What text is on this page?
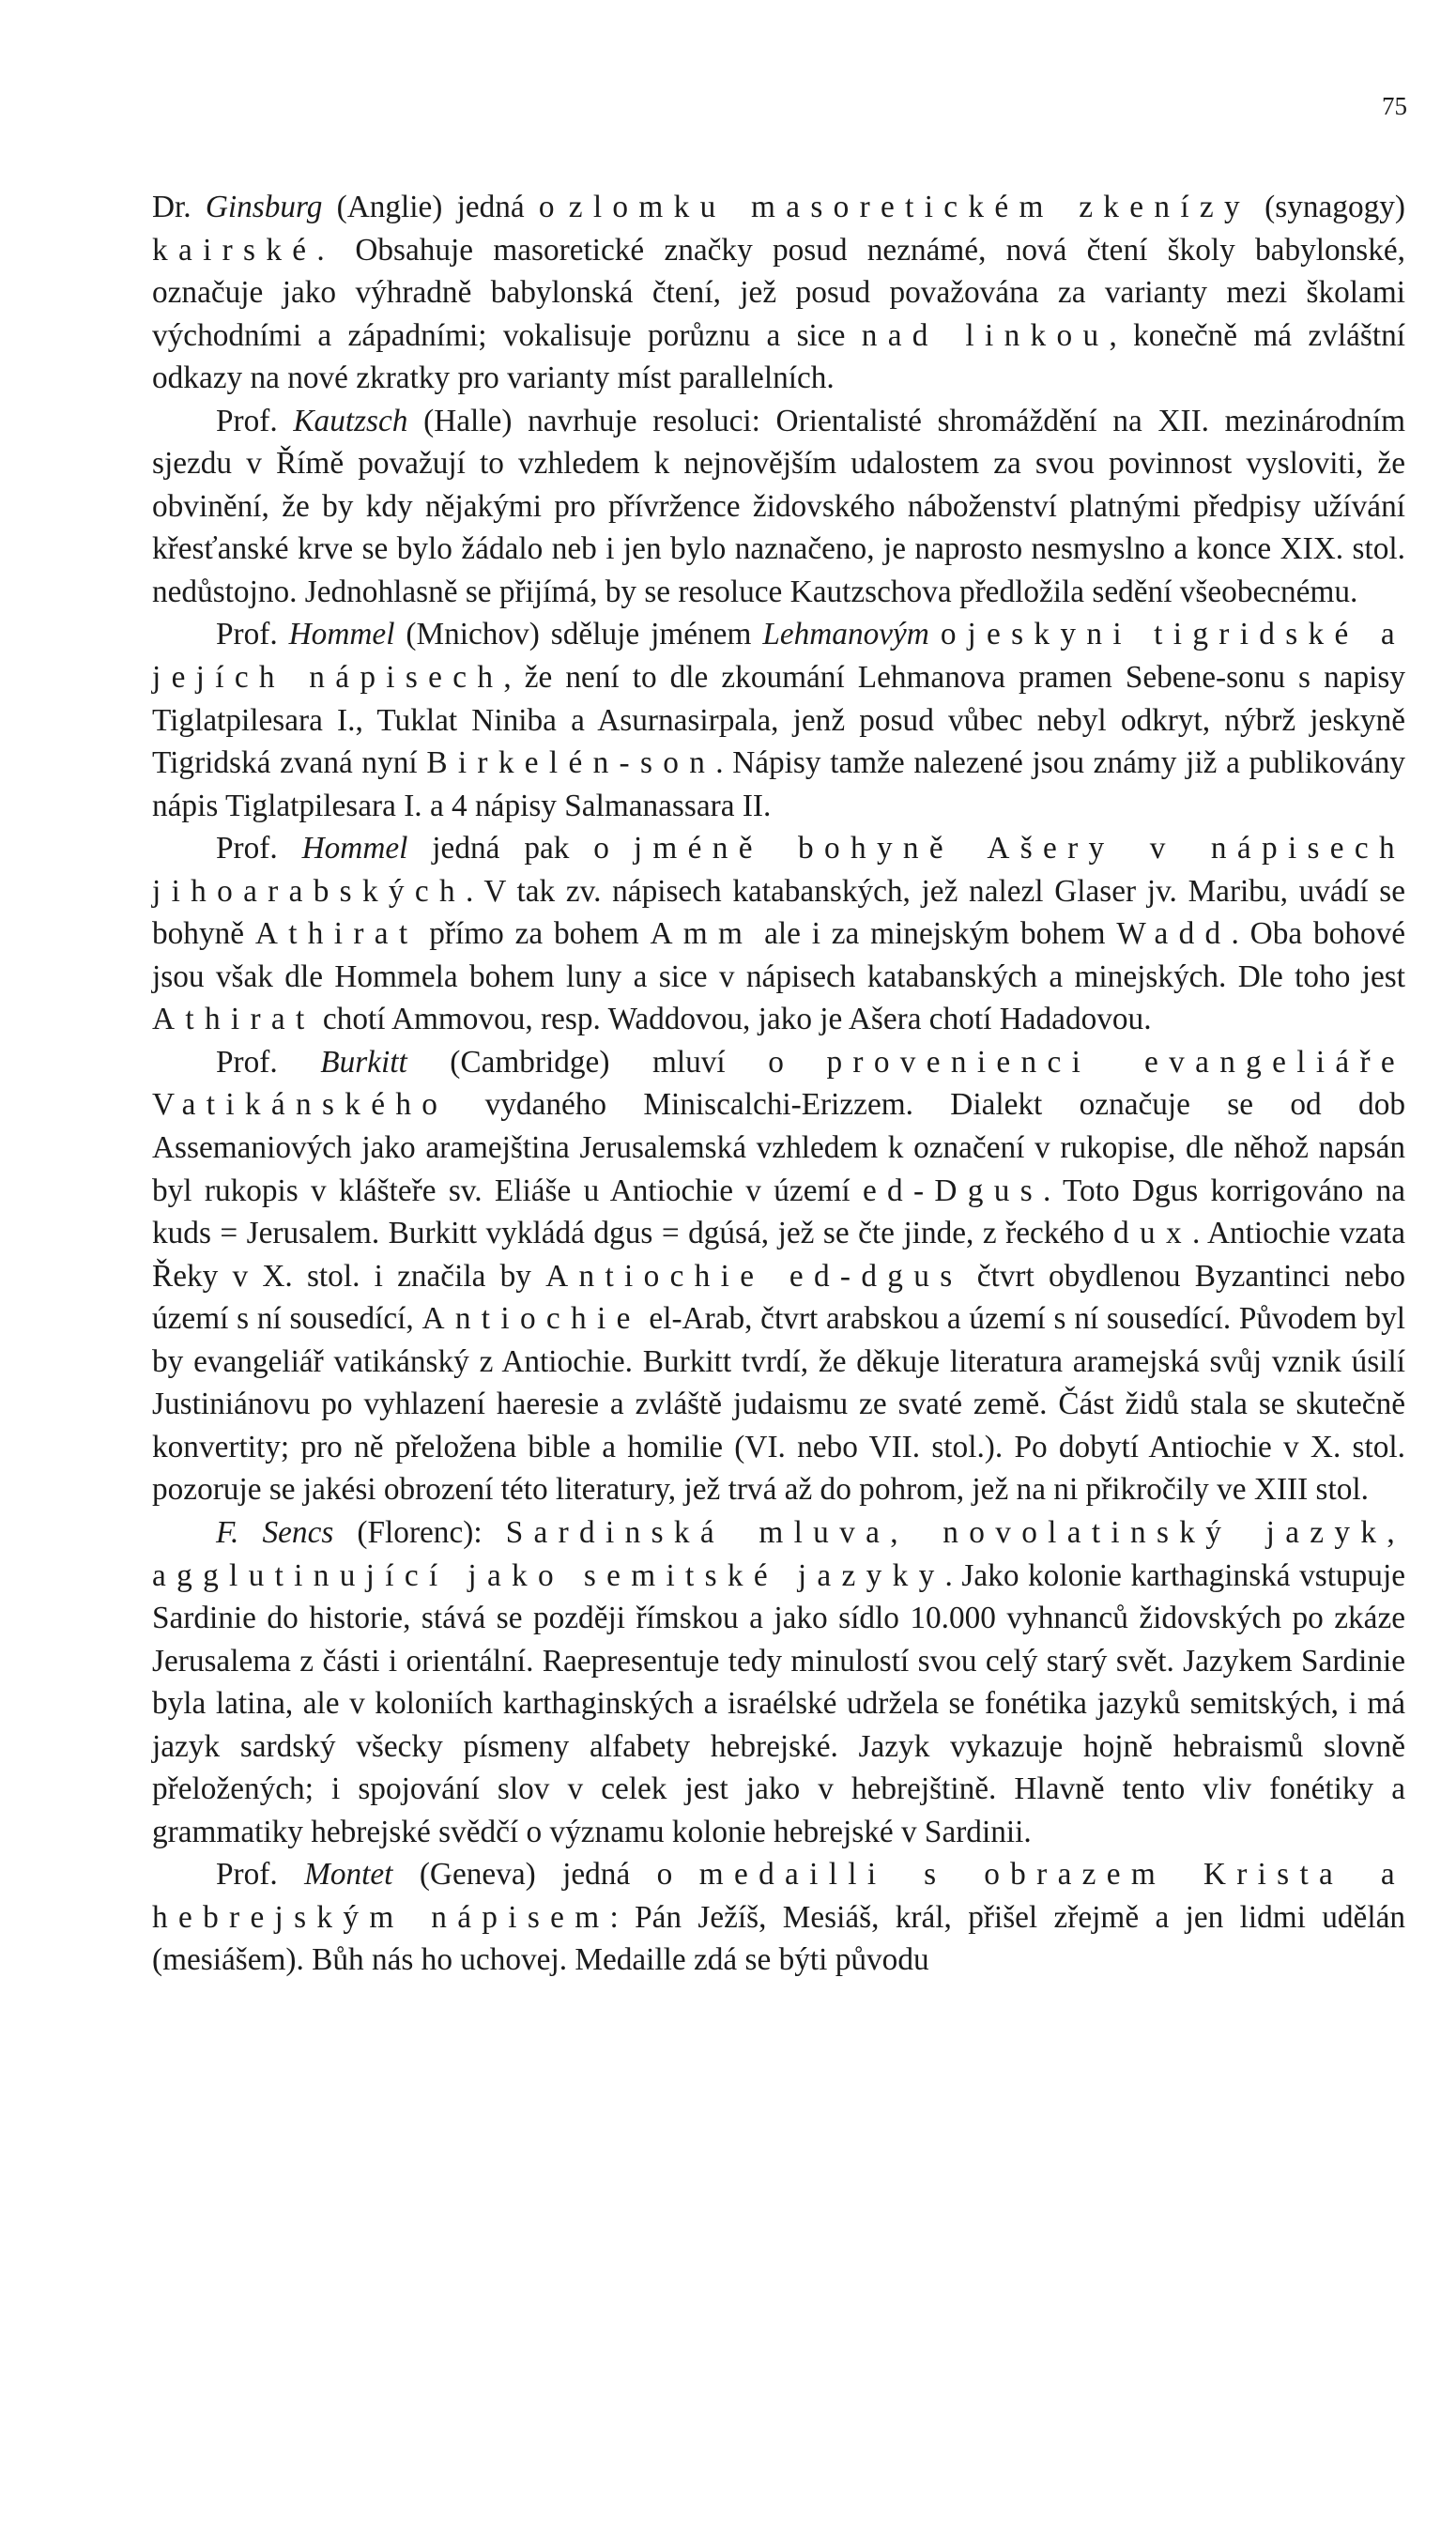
75

Dr. Ginsburg (Anglie) jedná o zlomku masoretickém zkenízy (synagogy) kairské. Obsahuje masoretické značky posud neznámé, nová čtení školy babylonské, označuje jako výhradně babylonská čtení, jež posud považována za varianty mezi školami východními a západními; vokalisuje porůznu a sice nad linkou, konečně má zvláštní odkazy na nové zkratky pro varianty míst parallelních.

Prof. Kautzsch (Halle) navrhuje resoluci: Orientalisté shromáždění na XII. mezinárodním sjezdu v Římě považují to vzhledem k nejnovějším udalostem za svou povinnost vysloviti, že obvinění, že by kdy nějakými pro přívržence židovského náboženství platnými předpisy užívání křesťanské krve se bylo žádalo neb i jen bylo naznačeno, je naprosto nesmyslno a konce XIX. stol. nedůstojno. Jednohlasně se přijímá, by se resoluce Kautzschova předložila sedění všeobecnému.

Prof. Hommel (Mnichov) sděluje jménem Lehmanovým o jeskyni tigridské a jejích nápisech, že není to dle zkoumání Lehmanova pramen Sebene-sonu s napisy Tiglatpilesara I., Tuklat Niniba a Asurnasirpala, jenž posud vůbec nebyl odkryt, nýbrž jeskyně Tigridská zvaná nyní Birkelén-son. Nápisy tamže nalezené jsou známy již a publikovány nápis Tiglatpilesara I. a 4 nápisy Salmanassara II.

Prof. Hommel jedná pak o jméně bohyně Ašery v nápisech jihoarabských. V tak zv. nápisech katabanských, jež nalezl Glaser jv. Maribu, uvádí se bohyně Athirat přímo za bohem Amm ale i za minejským bohem Wadd. Oba bohové jsou však dle Hommela bohem luny a sice v nápisech katabanských a minejských. Dle toho jest Athirat chotí Ammovou, resp. Waddovou, jako je Ašera chotí Hadadovou.

Prof. Burkitt (Cambridge) mluví o provenienci evangeliáře Vatikánského vydaného Miniscalchi-Erizzem. Dialekt označuje se od dob Assemaniových jako aramejština Jerusalemská vzhledem k označení v rukopise, dle něhož napsán byl rukopis v klášteře sv. Eliáše u Antiochie v území ed-Dgus. Toto Dgus korrigováno na kuds = Jerusalem. Burkitt vykládá dgus = dgúsá, jež se čte jinde, z řeckého dux. Antiochie vzata Řeky v X. stol. i značila by Antiochie ed-dgus čtvrt obydlenou Byzantinci nebo území s ní sousedící, Antiochie el-Arab, čtvrt arabskou a území s ní sousedící. Původem byl by evangeliář vatikánský z Antiochie. Burkitt tvrdí, že děkuje literatura aramejská svůj vznik úsilí Justiniánovu po vyhlazení haeresie a zvláště judaismu ze svaté země. Část židů stala se skutečně konvertity; pro ně přeložena bible a homilie (VI. nebo VII. stol.). Po dobytí Antiochie v X. stol. pozoruje se jakési obrození této literatury, jež trvá až do pohrom, jež na ni přikročily ve XIII stol.

F. Sencs (Florenc): Sardinská mluva, novolatinský jazyk, agglutinující jako semitské jazyky. Jako kolonie karthaginská vstupuje Sardinie do historie, stává se později římskou a jako sídlo 10.000 vyhnanců židovských po zkáze Jerusalema z části i orientální. Raepresentuje tedy minulostí svou celý starý svět. Jazykem Sardinie byla latina, ale v koloniích karthaginských a israélské udržela se fonétika jazyků semitských, i má jazyk sardský všecky písmeny alfabety hebrejské. Jazyk vykazuje hojně hebraismů slovně přeložených; i spojování slov v celek jest jako v hebrejštině. Hlavně tento vliv fonétiky a grammatiky hebrejské svědčí o významu kolonie hebrejské v Sardinii.

Prof. Montet (Geneva) jedná o medailli s obrazem Krista a hebrejským nápisem: Pán Ježíš, Mesiáš, král, přišel zřejmě a jen lidmi udělán (mesiášem). Bůh nás ho uchovej. Medaille zdá se býti původu
